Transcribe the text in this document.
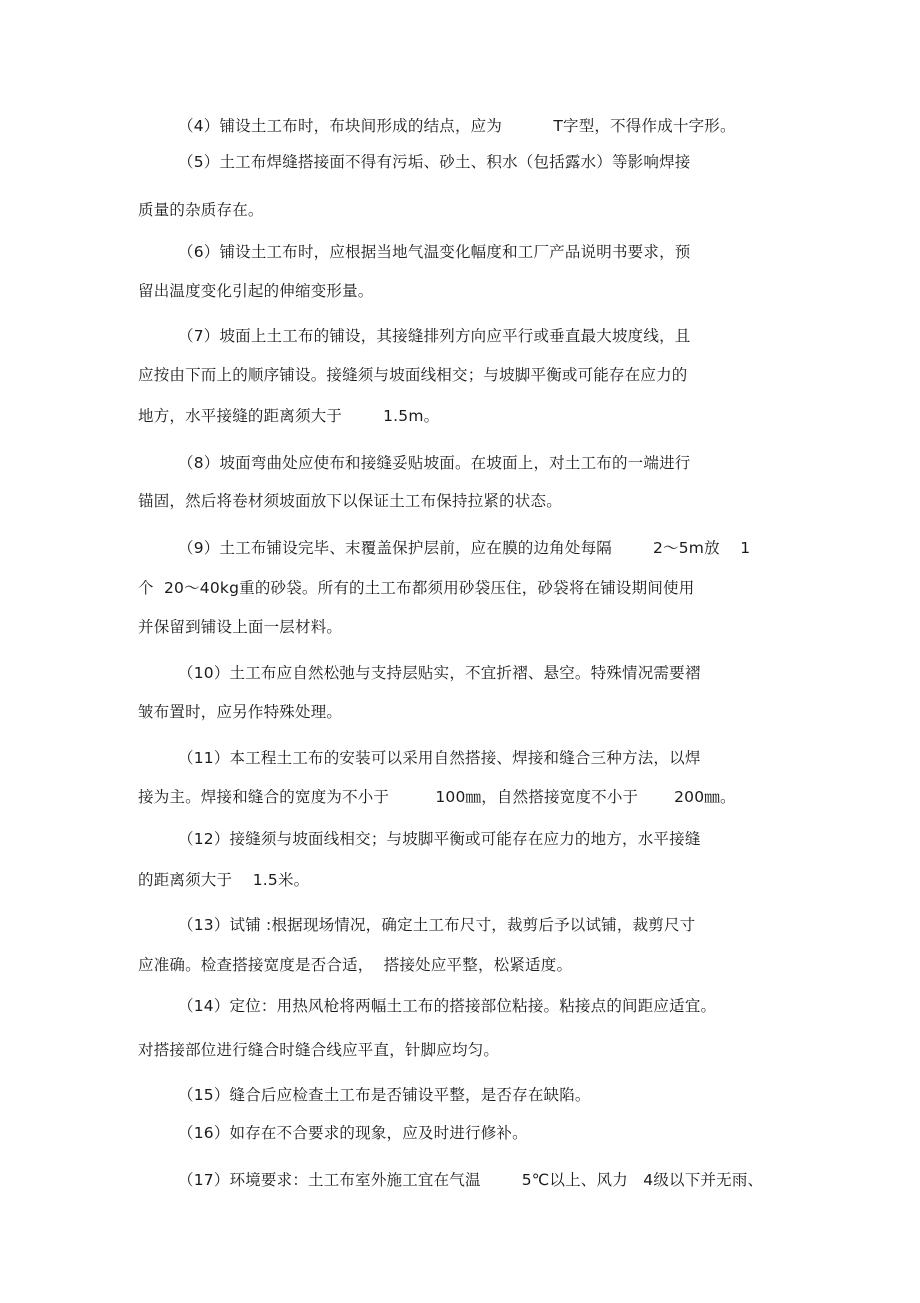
（4）铺设土工布时，布块间形成的结点，应为          T字型，不得作成十字形。
（5）土工布焊缝搭接面不得有污垢、砂土、积水（包括露水）等影响焊接
质量的杂质存在。
（6）铺设土工布时，应根据当地气温变化幅度和工厂产品说明书要求，预
留出温度变化引起的伸缩变形量。
（7）坡面上土工布的铺设，其接缝排列方向应平行或垂直最大坡度线，且
应按由下而上的顺序铺设。接缝须与坡面线相交；与坡脚平衡或可能存在应力的
地方，水平接缝的距离须大于        1.5m。
（8）坡面弯曲处应使布和接缝妥贴坡面。在坡面上，对土工布的一端进行
锚固，然后将卷材须坡面放下以保证土工布保持拉紧的状态。
（9）土工布铺设完毕、末覆盖保护层前，应在膜的边角处每隔        2～5m放    1
个  20～40kg重的砂袋。所有的土工布都须用砂袋压住，砂袋将在铺设期间使用
并保留到铺设上面一层材料。
（10）土工布应自然松弛与支持层贴实，不宜折褶、悬空。特殊情况需要褶
皱布置时，应另作特殊处理。
（11）本工程土工布的安装可以采用自然搭接、焊接和缝合三种方法，以焊
接为主。焊接和缝合的宽度为不小于         100㎜，自然搭接宽度不小于       200㎜。
（12）接缝须与坡面线相交；与坡脚平衡或可能存在应力的地方，水平接缝
的距离须大于    1.5米。
（13）试铺 :根据现场情况，确定土工布尺寸，裁剪后予以试铺，裁剪尺寸
应准确。检查搭接宽度是否合适，  搭接处应平整，松紧适度。
（14）定位：用热风枪将两幅土工布的搭接部位粘接。粘接点的间距应适宜。
对搭接部位进行缝合时缝合线应平直，针脚应均匀。
（15）缝合后应检查土工布是否铺设平整，是否存在缺陷。
（16）如存在不合要求的现象，应及时进行修补。
（17）环境要求：土工布室外施工宜在气温        5℃以上、风力   4级以下并无雨、
